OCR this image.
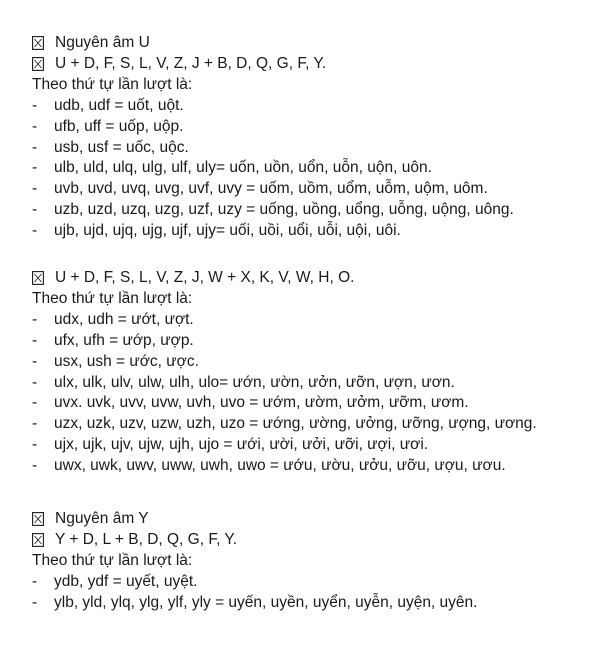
Nguyên âm U
U + D, F, S, L, V, Z, J + B, D, Q, G, F, Y.
Theo thứ tự lần lượt là:
-	udb, udf = uốt, uột.
-	ufb, uff = uốp, uộp.
-	usb, usf = uốc, uộc.
-	ulb, uld, ulq, ulg, ulf, uly= uốn, uồn, uổn, uỗn, uộn, uôn.
-	uvb, uvd, uvq, uvg, uvf, uvy = uốm, uồm, uổm, uỗm, uộm, uôm.
-	uzb, uzd, uzq, uzg, uzf, uzy = uống, uồng, uổng, uỗng, uộng, uông.
-	ujb, ujd, ujq, ujg, ujf, ujy= uối, uồi, uổi, uỗi, uội, uôi.
U + D, F, S, L, V, Z, J, W + X, K, V, W, H, O.
Theo thứ tự lần lượt là:
-	udx, udh = ướt, ượt.
-	ufx, ufh = ướp, ượp.
-	usx, ush = ước, ược.
-	ulx, ulk, ulv, ulw, ulh, ulo= ướn, ườn, ưởn, ưỡn, ượn, ươn.
-	uvx. uvk, uvv, uvw, uvh, uvo = ướm, ườm, ưởm, ưỡm, ươm.
-	uzx, uzk, uzv, uzw, uzh, uzo = ướng, ường, ưởng, ưỡng, ượng, ương.
-	ujx, ujk, ujv, ujw, ujh, ujo = ưới, ười, ưởi, ưỡi, ượi, ươi.
-	uwx, uwk, uwv, uww, uwh, uwo = ướu, ườu, ưởu, ưỡu, ượu, ươu.
Nguyên âm Y
Y + D, L + B, D, Q, G, F, Y.
Theo thứ tự lần lượt là:
-	ydb, ydf = uyết, uyệt.
-	ylb, yld, ylq, ylg, ylf, yly = uyến, uyền, uyển, uyễn, uyện, uyên.
